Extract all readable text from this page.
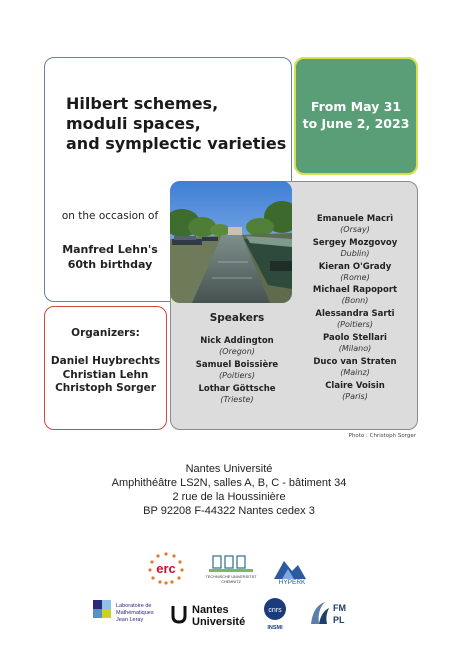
Hilbert schemes,
moduli spaces,
and symplectic varieties
on the occasion of
Manfred Lehn's
60th birthday
From May 31
to June 2, 2023
Organizers:
Daniel Huybrechts
Christian Lehn
Christoph Sorger
Speakers
Nick Addington
(Oregon)
Samuel Boissière
(Poitiers)
Lothar Göttsche
(Trieste)
Emanuele Macrì
(Orsay)
Sergey Mozgovoy
Dublin)
Kieran O'Grady
(Rome)
Michael Rapoport
(Bonn)
Alessandra Sarti
(Poitiers)
Paolo Stellari
(Milano)
Duco van Straten
(Mainz)
Claire Voisin
(Paris)
Photo : Christoph Sorger
Nantes Université
Amphithéâtre LS2N, salles A, B, C - bâtiment 34
2 rue de la Houssinière
BP 92208 F-44322 Nantes cedex 3
erc
TECHNISCHE UNIVERSITÄT
CHEMNITZ	HYPERK
Laboratoire de
Mathématiques
Jean Leray
Nantes
Université
cnrs
INSMI
FM
PL
